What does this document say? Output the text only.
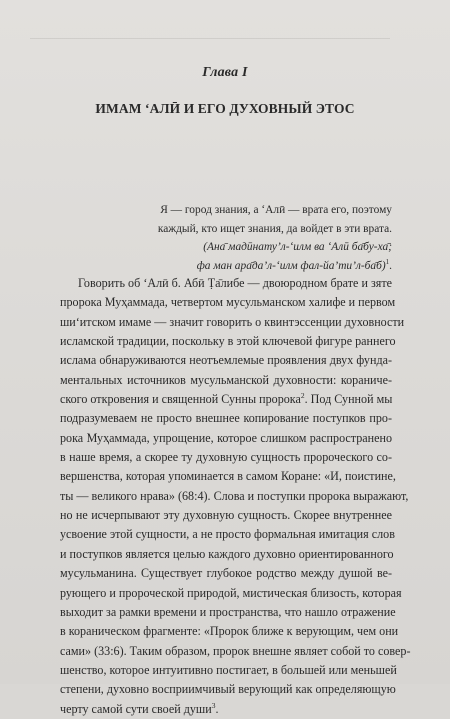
Глава I
ИМАМ ʻАЛӢ И ЕГО ДУХОВНЫЙ ЭТОС
Я — город знания, а ʻАлӣ — врата его, поэтому
каждый, кто ищет знания, да войдет в эти врата.
(Ана̄ мадӣнату’л-ʻилм ва ʻАлӣ ба̄бу-ха̄;
фа ман ара̄да’л-ʻилм фал-йа’ти’л-ба̄б)$^1$.
Говорить об ʻАлӣ б. Абӣ Ṭа̄либе — двоюродном брате и зяте
пророка Муҳаммада, четвертом мусульманском халифе и первом
шиʻитском имаме — значит говорить о квинтэссенции духовности
исламской традиции, поскольку в этой ключевой фигуре раннего
ислама обнаруживаются неотъемлемые проявления двух фунда-
ментальных источников мусульманской духовности: кораниче-
ского откровения и священной Сунны пророка$^2$. Под Сунной мы
подразумеваем не просто внешнее копирование поступков про-
рока Муҳаммада, упрощение, которое слишком распространено
в наше время, а скорее ту духовную сущность пророческого со-
вершенства, которая упоминается в самом Коране: «И, поистине,
ты — великого нрава» (68:4). Слова и поступки пророка выражают,
но не исчерпывают эту духовную сущность. Скорее внутреннее
усвоение этой сущности, а не просто формальная имитация слов
и поступков является целью каждого духовно ориентированного
мусульманина. Существует глубокое родство между душой ве-
рующего и пророческой природой, мистическая близость, которая
выходит за рамки времени и пространства, что нашло отражение
в кораническом фрагменте: «Пророк ближе к верующим, чем они
сами» (33:6). Таким образом, пророк внешне являет собой то совер-
шенство, которое интуитивно постигает, в большей или меньшей
степени, духовно восприимчивый верующий как определяющую
черту самой сути своей души$^3$.
